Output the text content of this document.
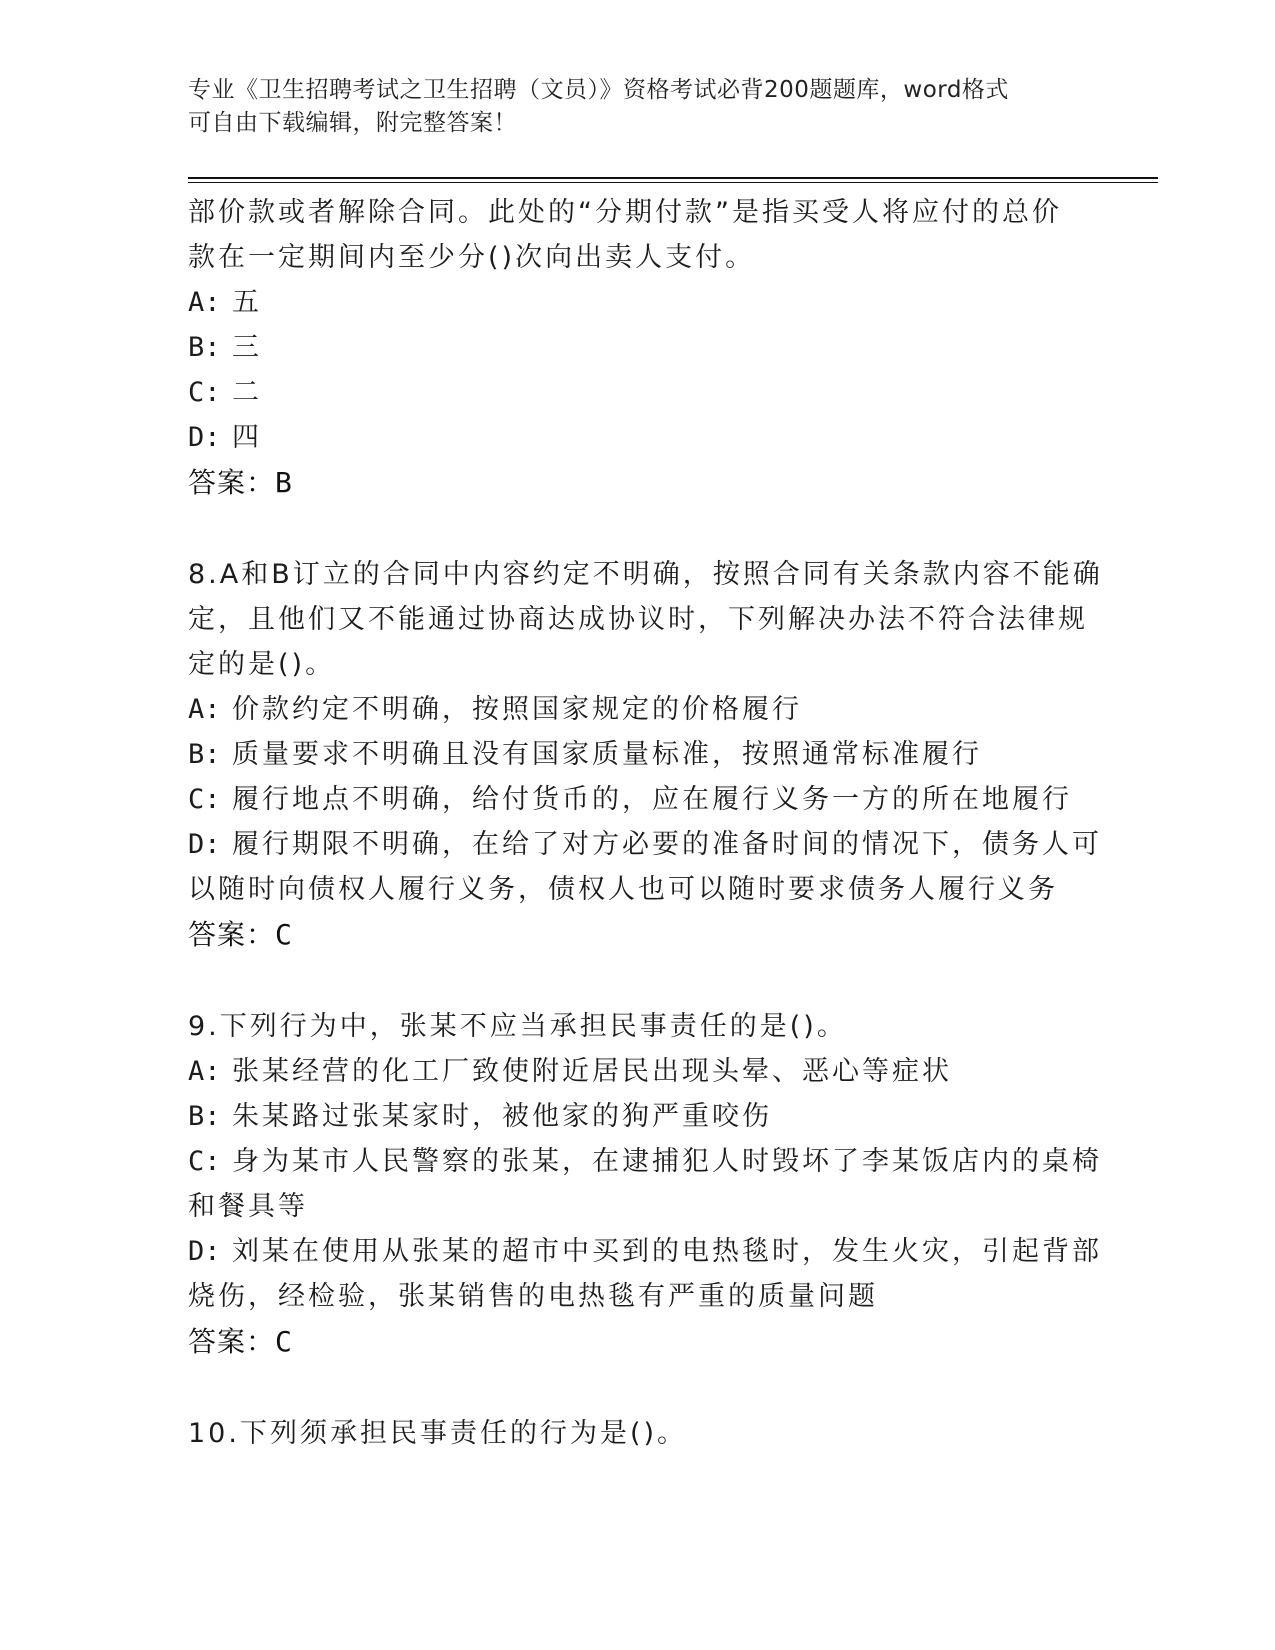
专业《卫生招聘考试之卫生招聘（文员）》资格考试必背200题题库，word格式
可自由下载编辑，附完整答案！
部价款或者解除合同。此处的“分期付款”是指买受人将应付的总价
款在一定期间内至少分()次向出卖人支付。
A: 五
B: 三
C: 二
D: 四
答案：B
8.A和B订立的合同中内容约定不明确，按照合同有关条款内容不能确
定，且他们又不能通过协商达成协议时，下列解决办法不符合法律规
定的是()。
A: 价款约定不明确，按照国家规定的价格履行
B: 质量要求不明确且没有国家质量标准，按照通常标准履行
C: 履行地点不明确，给付货币的，应在履行义务一方的所在地履行
D: 履行期限不明确，在给了对方必要的准备时间的情况下，债务人可
以随时向债权人履行义务，债权人也可以随时要求债务人履行义务
答案：C
9.下列行为中，张某不应当承担民事责任的是()。
A: 张某经营的化工厂致使附近居民出现头晕、恶心等症状
B: 朱某路过张某家时，被他家的狗严重咬伤
C: 身为某市人民警察的张某，在逮捕犯人时毁坏了李某饭店内的桌椅
和餐具等
D: 刘某在使用从张某的超市中买到的电热毯时，发生火灾，引起背部
烧伤，经检验，张某销售的电热毯有严重的质量问题
答案：C
10.下列须承担民事责任的行为是()。
